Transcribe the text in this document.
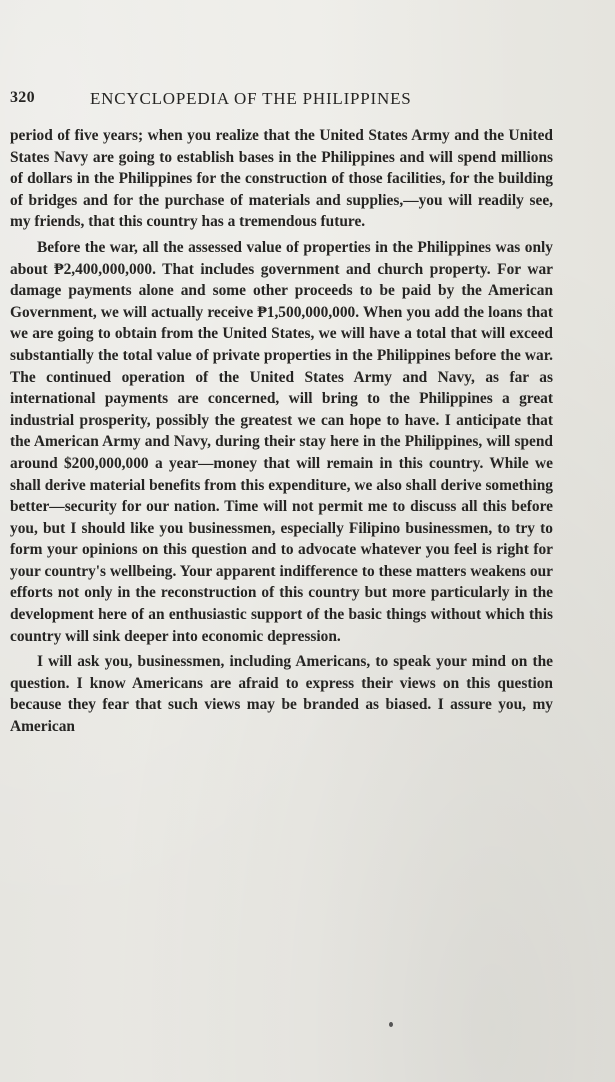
320	ENCYCLOPEDIA OF THE PHILIPPINES

period of five years; when you realize that the United States Army and the United States Navy are going to establish bases in the Philippines and will spend millions of dollars in the Philippines for the construction of those facilities, for the building of bridges and for the purchase of materials and supplies,—you will readily see, my friends, that this country has a tremendous future.

Before the war, all the assessed value of properties in the Philippines was only about ₱2,400,000,000. That includes government and church property. For war damage payments alone and some other proceeds to be paid by the American Government, we will actually receive ₱1,500,000,000. When you add the loans that we are going to obtain from the United States, we will have a total that will exceed substantially the total value of private properties in the Philippines before the war. The continued operation of the United States Army and Navy, as far as international payments are concerned, will bring to the Philippines a great industrial prosperity, possibly the greatest we can hope to have. I anticipate that the American Army and Navy, during their stay here in the Philippines, will spend around $200,000,000 a year—money that will remain in this country. While we shall derive material benefits from this expenditure, we also shall derive something better—security for our nation. Time will not permit me to discuss all this before you, but I should like you businessmen, especially Filipino businessmen, to try to form your opinions on this question and to advocate whatever you feel is right for your country's wellbeing. Your apparent indifference to these matters weakens our efforts not only in the reconstruction of this country but more particularly in the development here of an enthusiastic support of the basic things without which this country will sink deeper into economic depression.

I will ask you, businessmen, including Americans, to speak your mind on the question. I know Americans are afraid to express their views on this question because they fear that such views may be branded as biased. I assure you, my American
